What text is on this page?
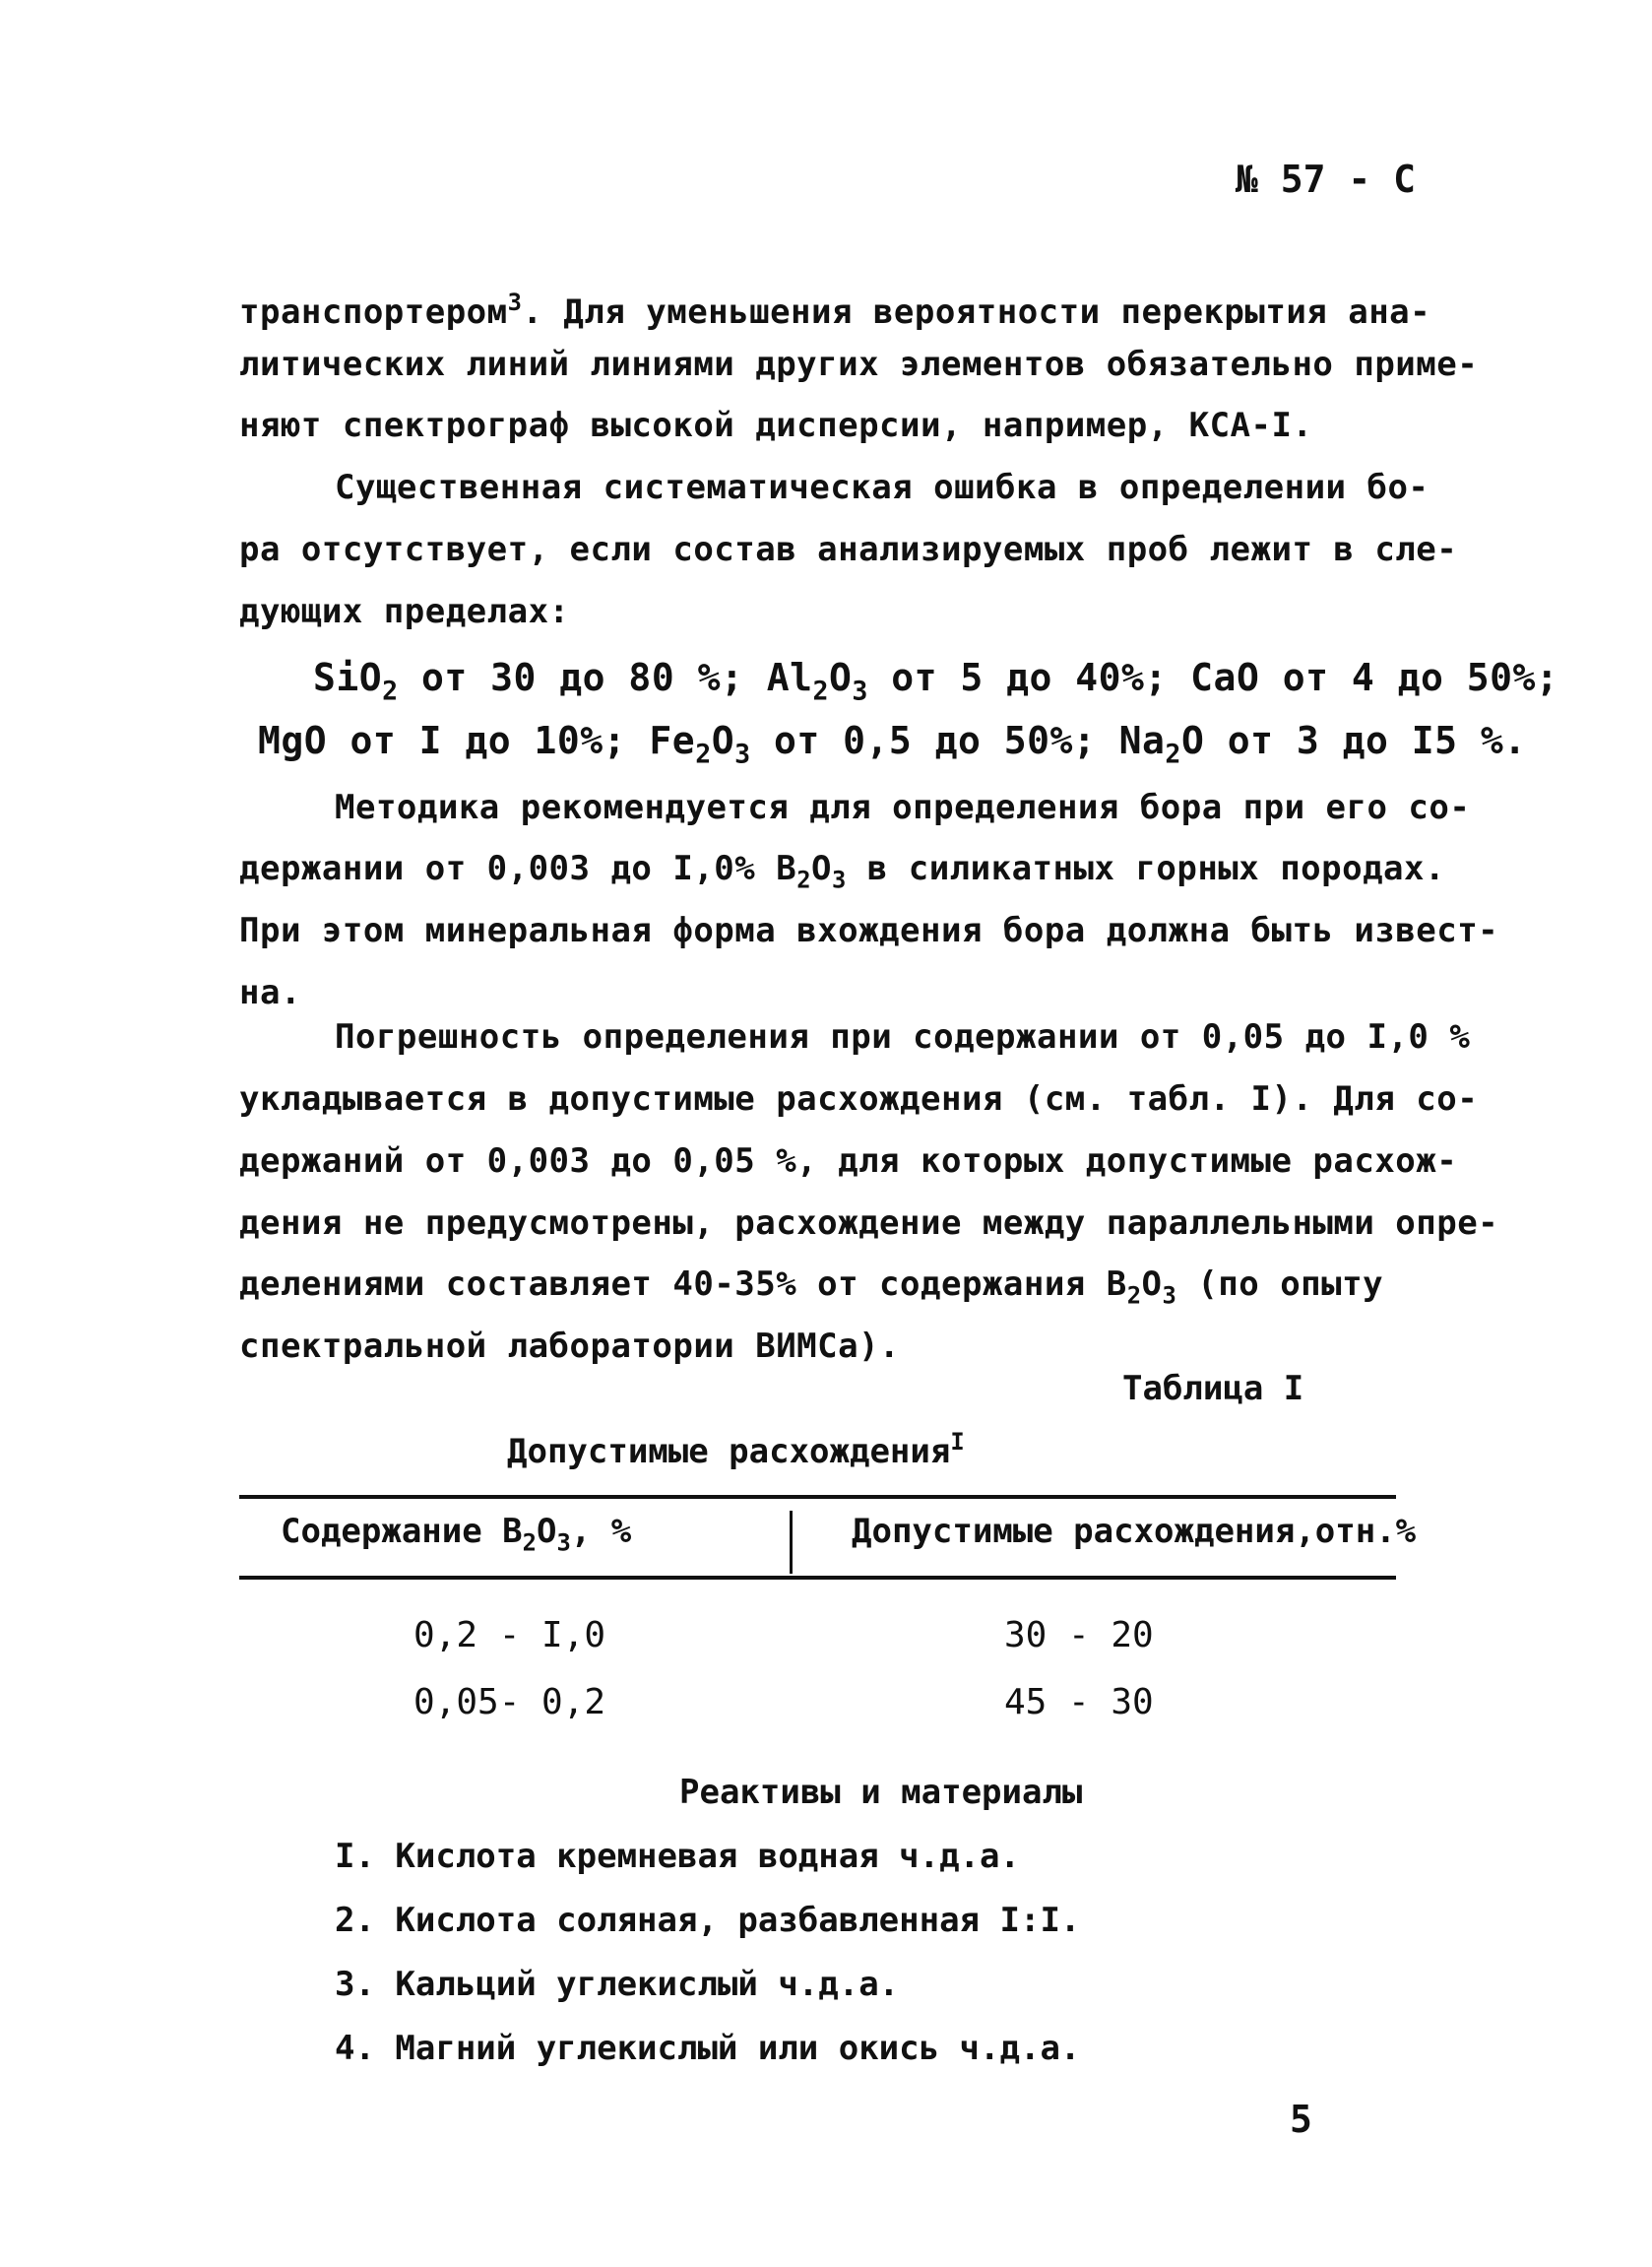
№ 57 - С
транспортером$^3$. Для уменьшения вероятности перекрытия ана-
литических линий линиями других элементов обязательно приме-
няют спектрограф высокой дисперсии, например, КСА-I.
Существенная систематическая ошибка в определении бо-
ра отсутствует, если состав анализируемых проб лежит в сле-
дующих пределах:
SiO$_2$ от 30 до 80 %; $Al_2O_3$ от 5 до 40%; CaO от 4 до 50%;
MgO от I до 10%; $Fe_2O_3$ от 0,5 до 50%; $Na_2O$ от 3 до I5 %.
Методика рекомендуется для определения бора при его со-
держании от 0,003 до I,0% $B_2O_3$ в силикатных горных породах.
При этом минеральная форма вхождения бора должна быть извест-
на.
Погрешность определения при содержании от 0,05 до I,0 %
укладывается в допустимые расхождения (см. табл. I). Для со-
держаний от 0,003 до 0,05 %, для которых допустимые расхож-
дения не предусмотрены, расхождение между параллельными опре-
делениями составляет 40-35% от содержания $B_2O_3$ (по опыту
спектральной лаборатории ВИМСа).
Таблица I
Допустимые расхождения$^I$
Содержание $B_2O_3$, %	Допустимые расхождения,отн.%
0,2 - I,0	30 - 20
0,05- 0,2	45 - 30
Реактивы и материалы
I. Кислота кремневая водная ч.д.а.
2. Кислота соляная, разбавленная I:I.
3. Кальций углекислый ч.д.а.
4. Магний углекислый или окись ч.д.а.
5
